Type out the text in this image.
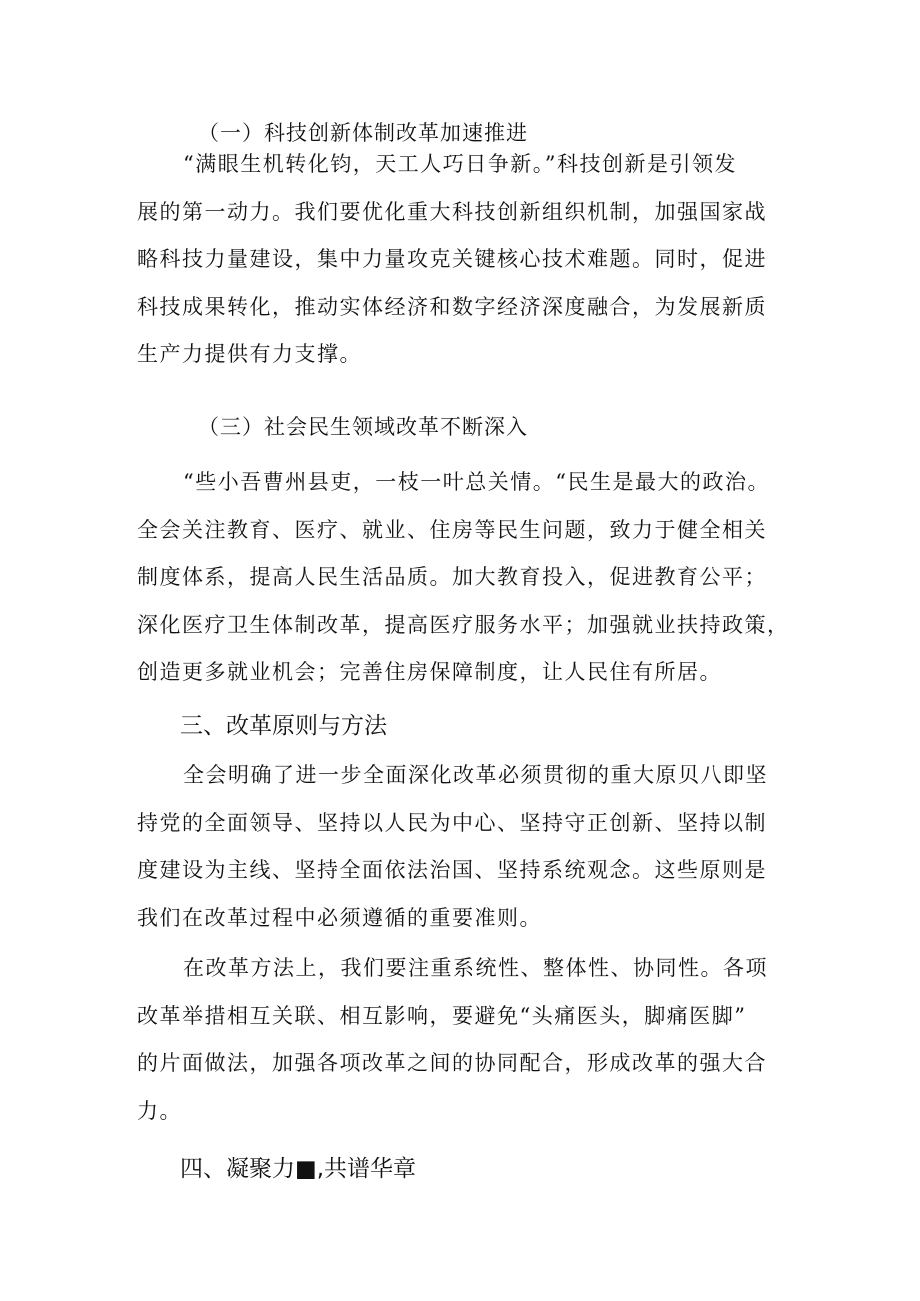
（一）科技创新体制改革加速推进

“满眼生机转化钧，天工人巧日争新。”科技创新是引领发
展的第一动力。我们要优化重大科技创新组织机制，加强国家战
略科技力量建设，集中力量攻克关键核心技术难题。同时，促进
科技成果转化，推动实体经济和数字经济深度融合，为发展新质
生产力提供有力支撑。

（三）社会民生领域改革不断深入

“些小吾曹州县吏，一枝一叶总关情。“民生是最大的政治。
全会关注教育、医疗、就业、住房等民生问题，致力于健全相关
制度体系，提高人民生活品质。加大教育投入，促进教育公平；
深化医疗卫生体制改革，提高医疗服务水平；加强就业扶持政策，
创造更多就业机会；完善住房保障制度，让人民住有所居。

三、改革原则与方法

全会明确了进一步全面深化改革必须贯彻的重大原贝八即坚
持党的全面领导、坚持以人民为中心、坚持守正创新、坚持以制
度建设为主线、坚持全面依法治国、坚持系统观念。这些原则是
我们在改革过程中必须遵循的重要准则。

在改革方法上，我们要注重系统性、整体性、协同性。各项
改革举措相互关联、相互影响，要避免“头痛医头，脚痛医脚”
的片面做法，加强各项改革之间的协同配合，形成改革的强大合
力。

四、凝聚力■,共谱华章
